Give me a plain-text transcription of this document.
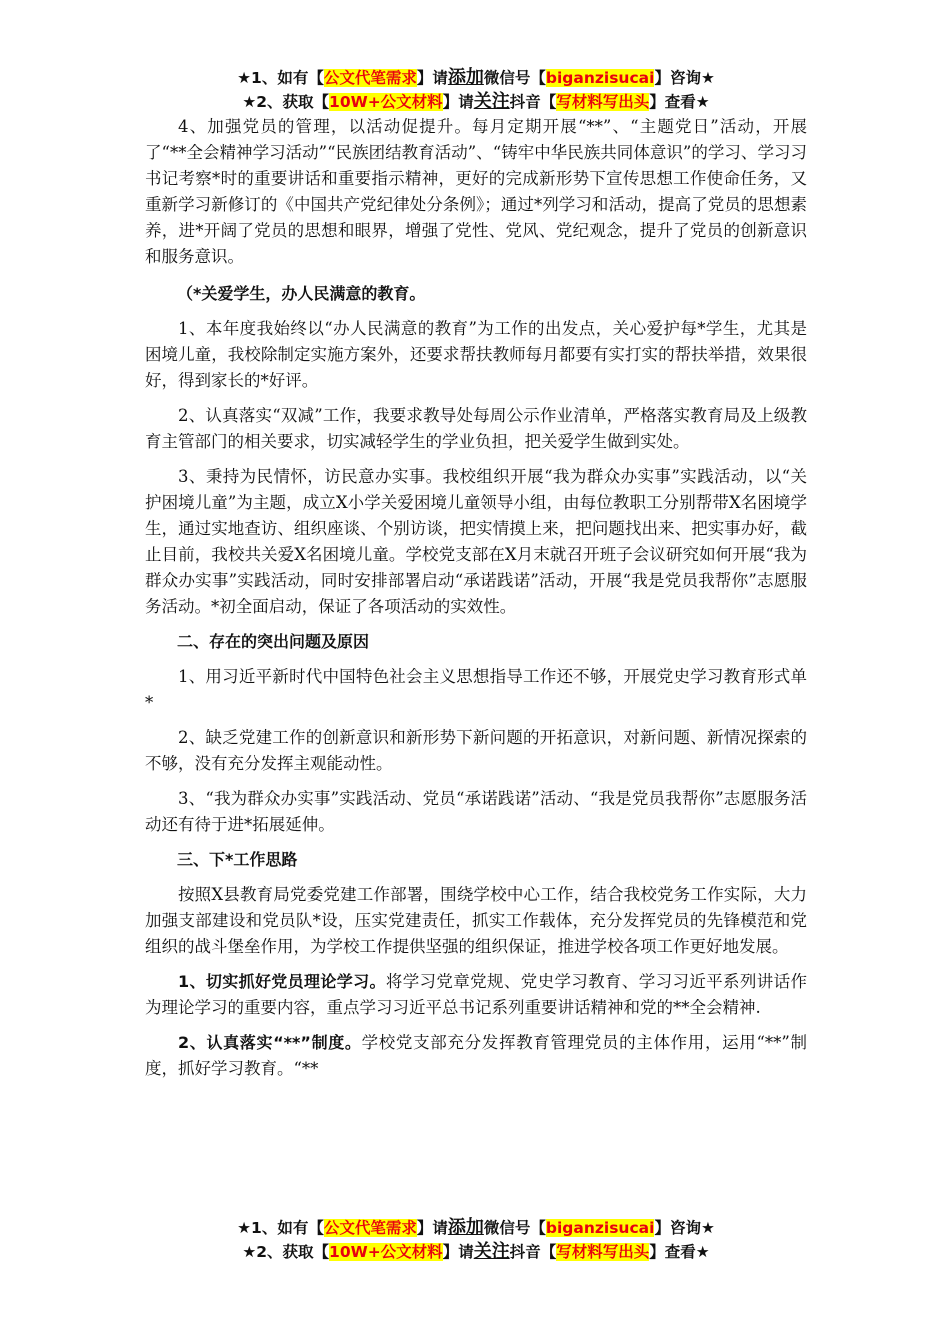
★1、如有【公文代笔需求】请添加微信号【biganzisucai】咨询★
★2、获取【10W+公文材料】请关注抖音【写材料写出头】查看★

4、加强党员的管理，以活动促提升。每月定期开展“**”、“主题党日”活动，开展了“**全会精神学习活动”“民族团结教育活动”、“铸牢中华民族共同体意识”的学习、学习习书记考察*时的重要讲话和重要指示精神，更好的完成新形势下宣传思想工作使命任务，又重新学习新修订的《中国共产党纪律处分条例》；通过*列学习和活动，提高了党员的思想素养，进*开阔了党员的思想和眼界，增强了党性、党风、党纪观念，提升了党员的创新意识和服务意识。

（*关爱学生，办人民满意的教育。

1、本年度我始终以“办人民满意的教育”为工作的出发点，关心爱护每*学生，尤其是困境儿童，我校除制定实施方案外，还要求帮扶教师每月都要有实打实的帮扶举措，效果很好，得到家长的*好评。

2、认真落实“双减”工作，我要求教导处每周公示作业清单，严格落实教育局及上级教育主管部门的相关要求，切实减轻学生的学业负担，把关爱学生做到实处。

3、秉持为民情怀，访民意办实事。我校组织开展“我为群众办实事”实践活动，以“关护困境儿童”为主题，成立X小学关爱困境儿童领导小组，由每位教职工分别帮带X名困境学生，通过实地查访、组织座谈、个别访谈，把实情摸上来，把问题找出来、把实事办好，截止目前，我校共关爱X名困境儿童。学校党支部在X月末就召开班子会议研究如何开展“我为群众办实事”实践活动，同时安排部署启动“承诺践诺”活动，开展“我是党员我帮你”志愿服务活动。*初全面启动，保证了各项活动的实效性。

二、存在的突出问题及原因

1、用习近平新时代中国特色社会主义思想指导工作还不够，开展党史学习教育形式单*

2、缺乏党建工作的创新意识和新形势下新问题的开拓意识，对新问题、新情况探索的不够，没有充分发挥主观能动性。

3、“我为群众办实事”实践活动、党员“承诺践诺”活动、“我是党员我帮你”志愿服务活动还有待于进*拓展延伸。

三、下*工作思路

按照X县教育局党委党建工作部署，围绕学校中心工作，结合我校党务工作实际，大力加强支部建设和党员队*设，压实党建责任，抓实工作载体，充分发挥党员的先锋模范和党组织的战斗堡垒作用，为学校工作提供坚强的组织保证，推进学校各项工作更好地发展。

1、切实抓好党员理论学习。将学习党章党规、党史学习教育、学习习近平系列讲话作为理论学习的重要内容，重点学习习近平总书记系列重要讲话精神和党的**全会精神.

2、认真落实“**”制度。学校党支部充分发挥教育管理党员的主体作用，运用“**”制度，抓好学习教育。“**

★1、如有【公文代笔需求】请添加微信号【biganzisucai】咨询★
★2、获取【10W+公文材料】请关注抖音【写材料写出头】查看★
